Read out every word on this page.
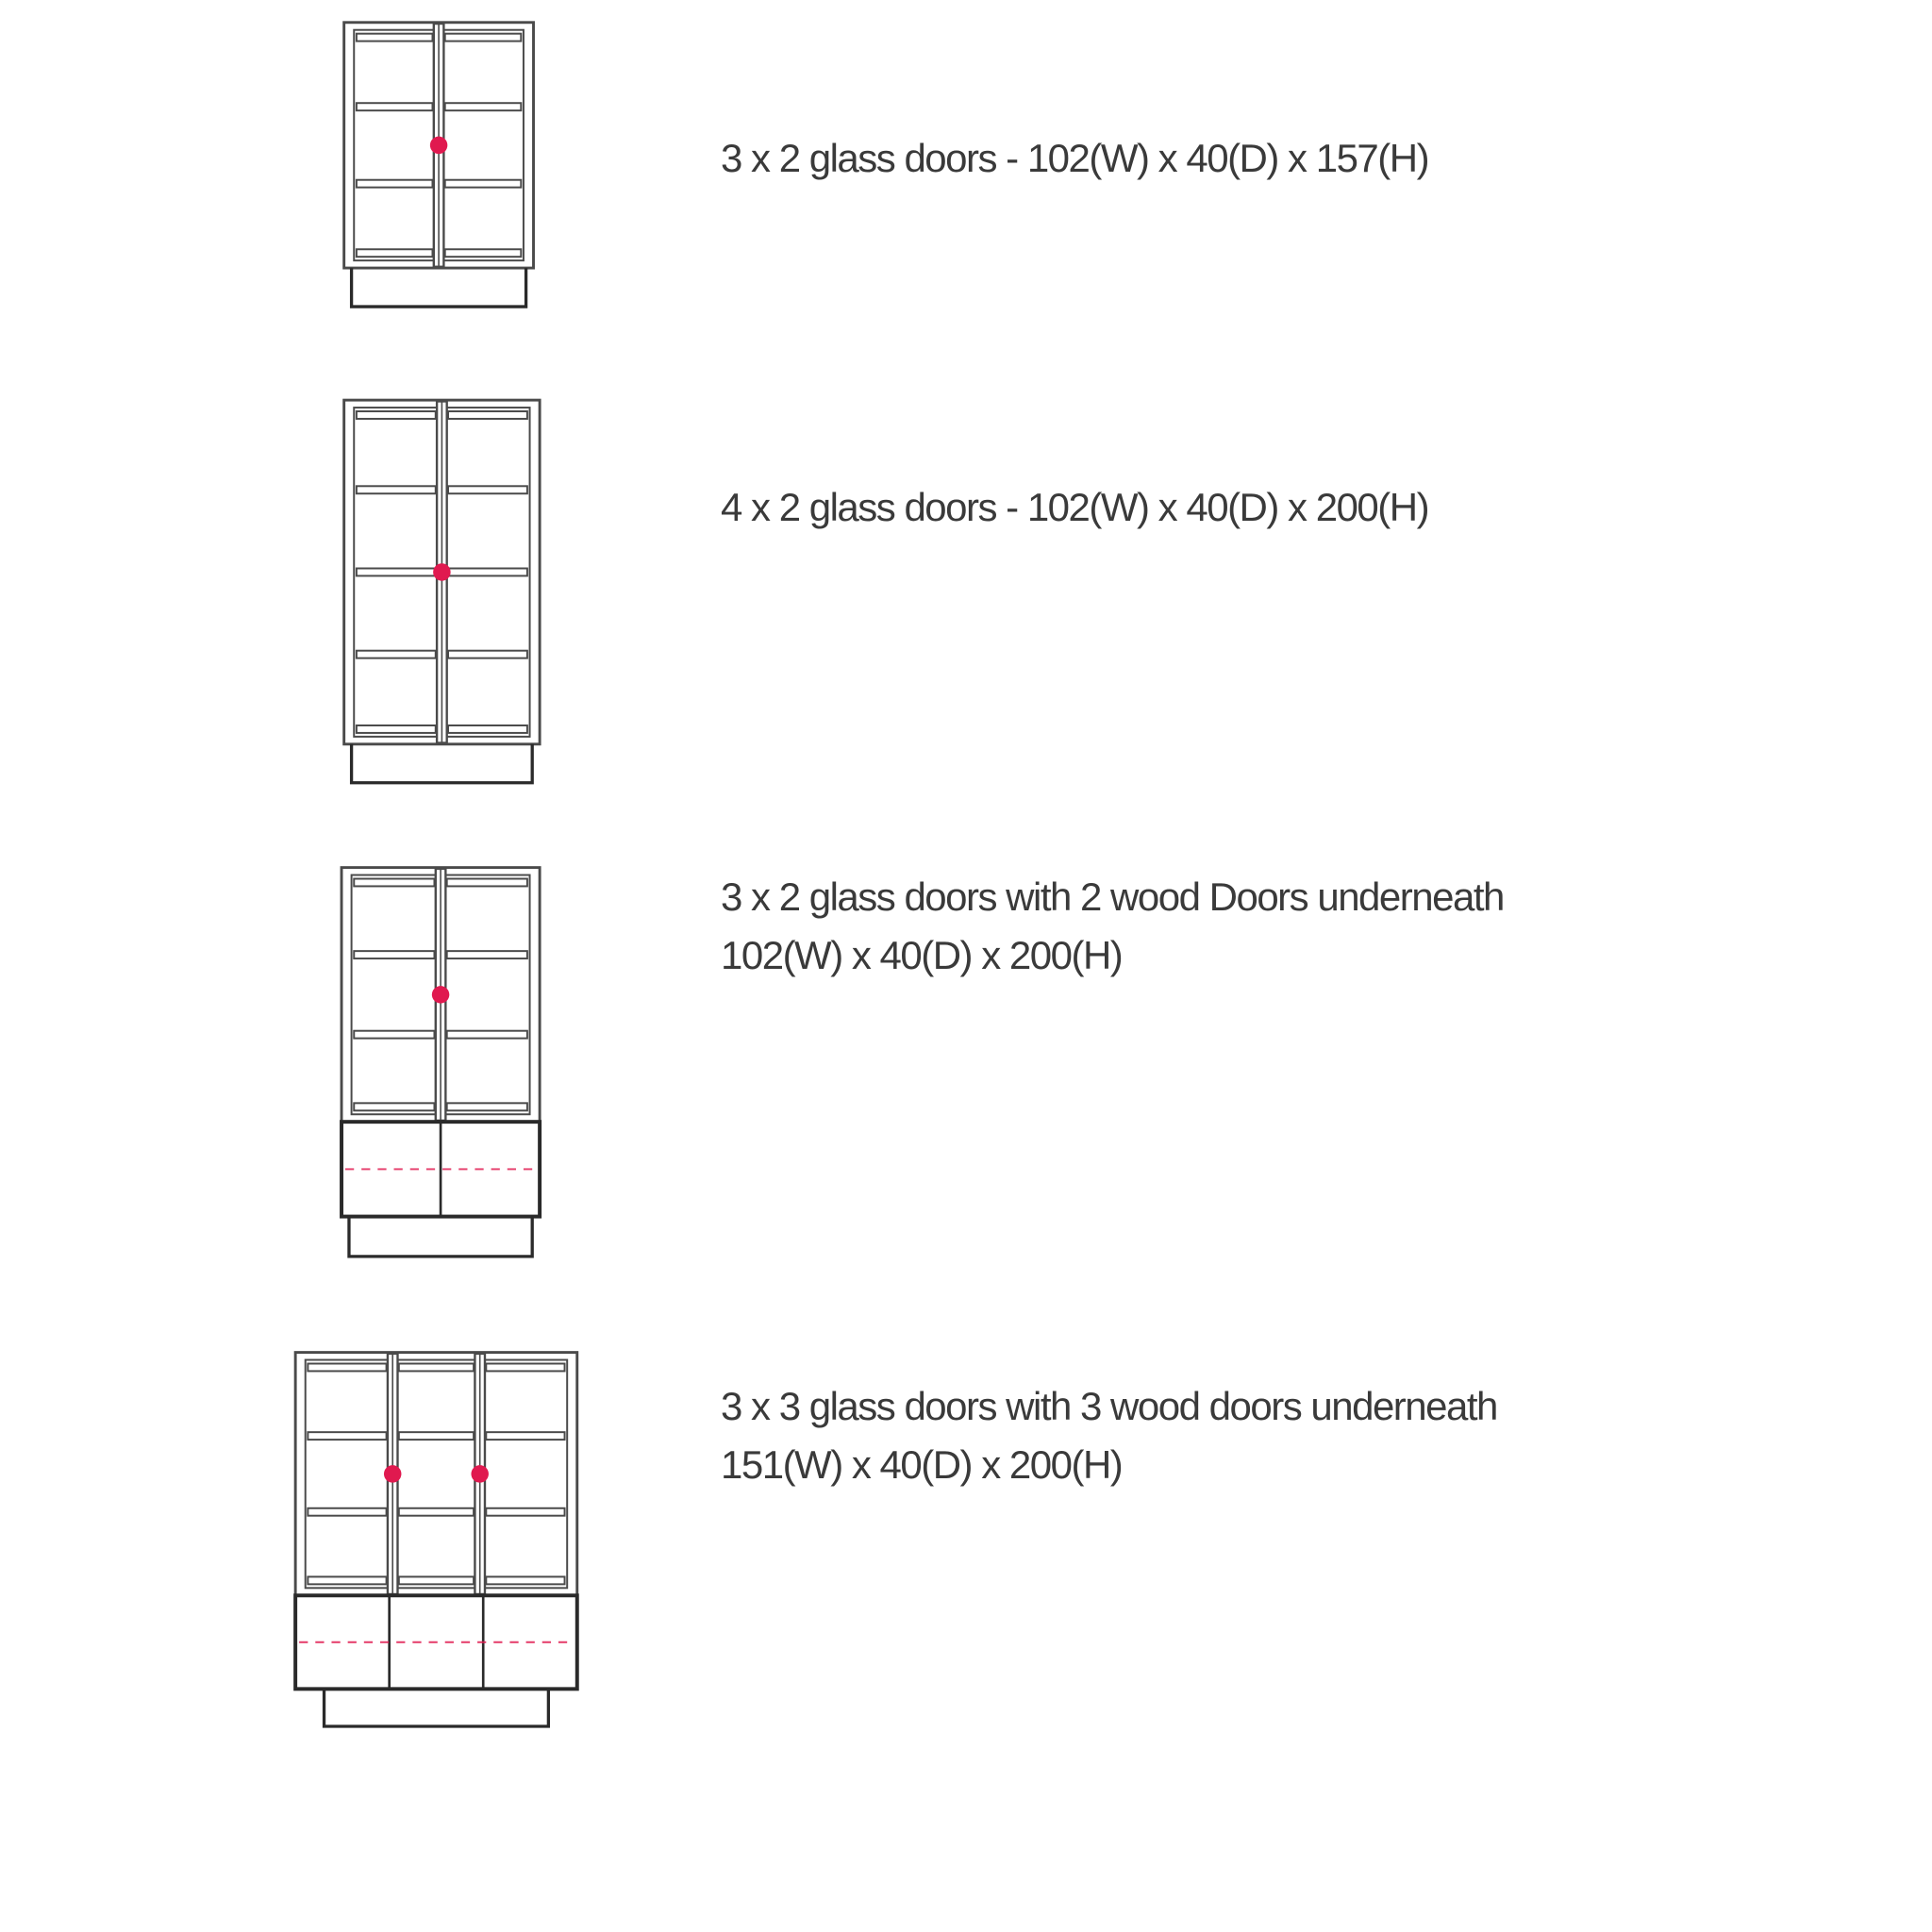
3 x 2 glass doors - 102(W) x 40(D) x 157(H)
4 x 2 glass doors - 102(W) x 40(D) x 200(H)
3 x 2 glass doors with 2 wood Doors underneath
102(W) x 40(D) x 200(H)
3 x 3 glass doors with 3 wood doors underneath
151(W) x 40(D) x 200(H)
